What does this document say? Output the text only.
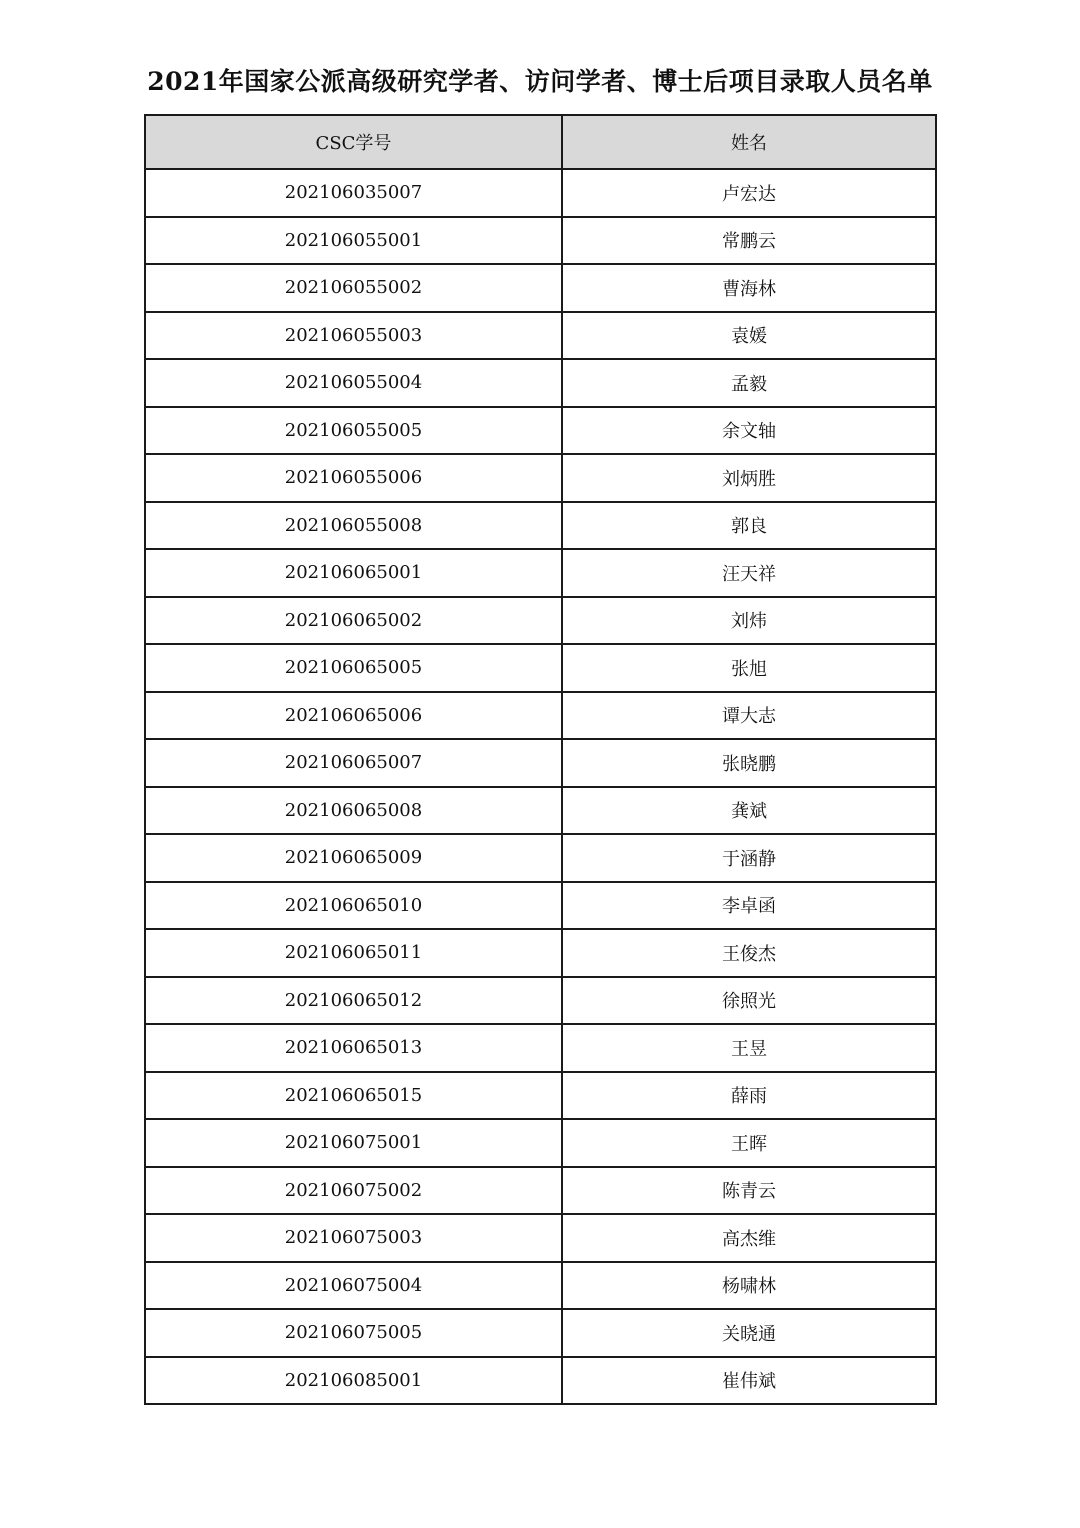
2021年国家公派高级研究学者、访问学者、博士后项目录取人员名单
CSC学号	姓名
202106035007	卢宏达
202106055001	常鹏云
202106055002	曹海林
202106055003	袁媛
202106055004	孟毅
202106055005	余文轴
202106055006	刘炳胜
202106055008	郭良
202106065001	汪天祥
202106065002	刘炜
202106065005	张旭
202106065006	谭大志
202106065007	张晓鹏
202106065008	龚斌
202106065009	于涵静
202106065010	李卓函
202106065011	王俊杰
202106065012	徐照光
202106065013	王昱
202106065015	薛雨
202106075001	王晖
202106075002	陈青云
202106075003	高杰维
202106075004	杨啸林
202106075005	关晓通
202106085001	崔伟斌
